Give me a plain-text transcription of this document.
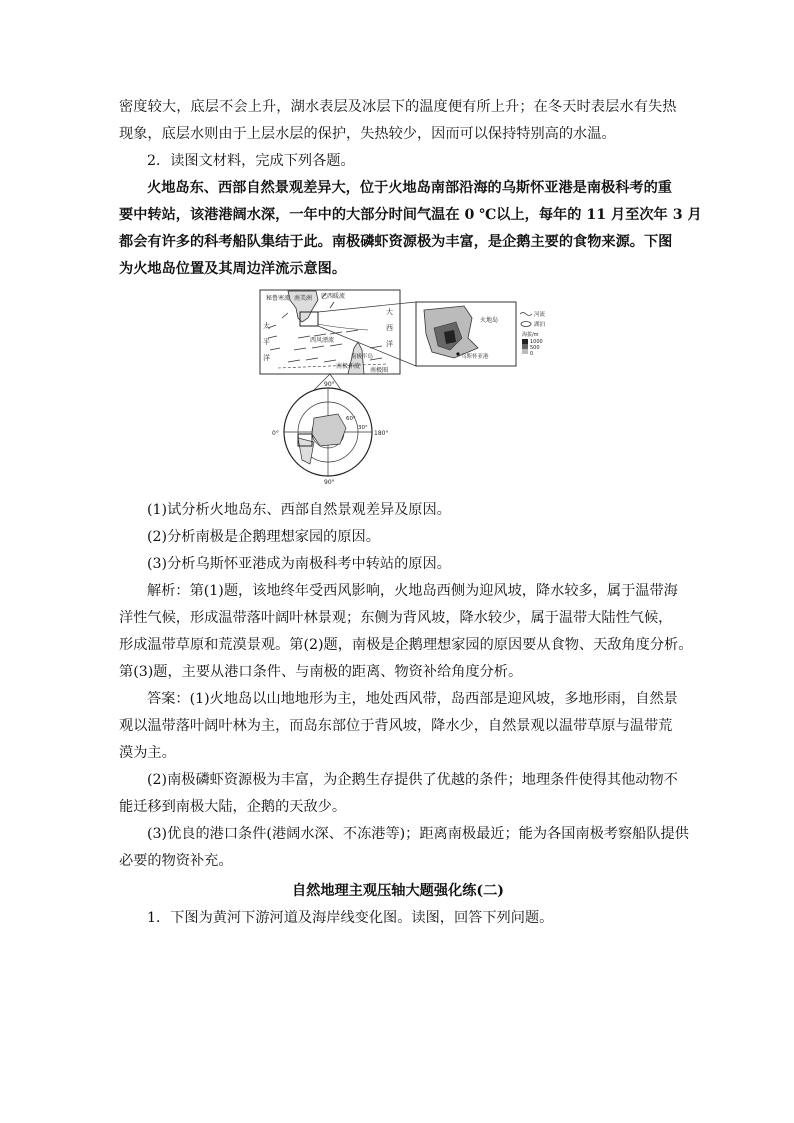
密 度 较 大 ， 底 层 不 会 上 升 ， 湖 水 表 层 及 冰 层 下 的 温 度 便 有 所 上 升 ； 在 冬 天 时 表 层 水 有 失 热
现象，底层水则由于上层水层的保护，失热较少，因而可以保持特别高的水温。
2．读图文材料，完成下列各题。
火地岛东、西部自然景观差异大，位于火地岛南部沿海的乌斯怀亚港是南极科考的重
要中转站，该港港阔水深，一年中的大部分时间气温在 0 ℃以上，每年的 11 月至次年 3 月
都会有许多的科考船队集结于此。南极磷虾资源极为丰富，是企鹅主要的食物来源。下图
为火地岛位置及其周边洋流示意图。
秘鲁寒流 南美洲 巴西暖流
大
西
洋
太
平
洋
西风漂流
南极半岛
南极环流
南极圈
火地岛
乌斯怀亚港
河流
湖泊
海拔/m
1000
500
0
90°
0°	180°
90°
60°
30°
(1)试分析火地岛东、西部自然景观差异及原因。
(2)分析南极是企鹅理想家园的原因。
(3)分析乌斯怀亚港成为南极科考中转站的原因。
解析：第(1)题，该地终年受西风影响，火地岛西侧为迎风坡，降水较多，属于温带海
洋性气候，形成温带落叶阔叶林景观；东侧为背风坡，降水较少，属于温带大陆性气候，
形成温带草原和荒漠景观。第(2)题，南极是企鹅理想家园的原因要从食物、天敌角度分析。
第(3)题，主要从港口条件、与南极的距离、物资补给角度分析。
答案：(1)火地岛以山地地形为主，地处西风带，岛西部是迎风坡，多地形雨，自然景
观以温带落叶阔叶林为主，而岛东部位于背风坡，降水少，自然景观以温带草原与温带荒
漠为主。
(2)南极磷虾资源极为丰富，为企鹅生存提供了优越的条件；地理条件使得其他动物不
能迁移到南极大陆，企鹅的天敌少。
(3)优良的港口条件(港阔水深、不冻港等)；距离南极最近；能为各国南极考察船队提供
必要的物资补充。
自然地理主观压轴大题强化练(二)
1．下图为黄河下游河道及海岸线变化图。读图，回答下列问题。
